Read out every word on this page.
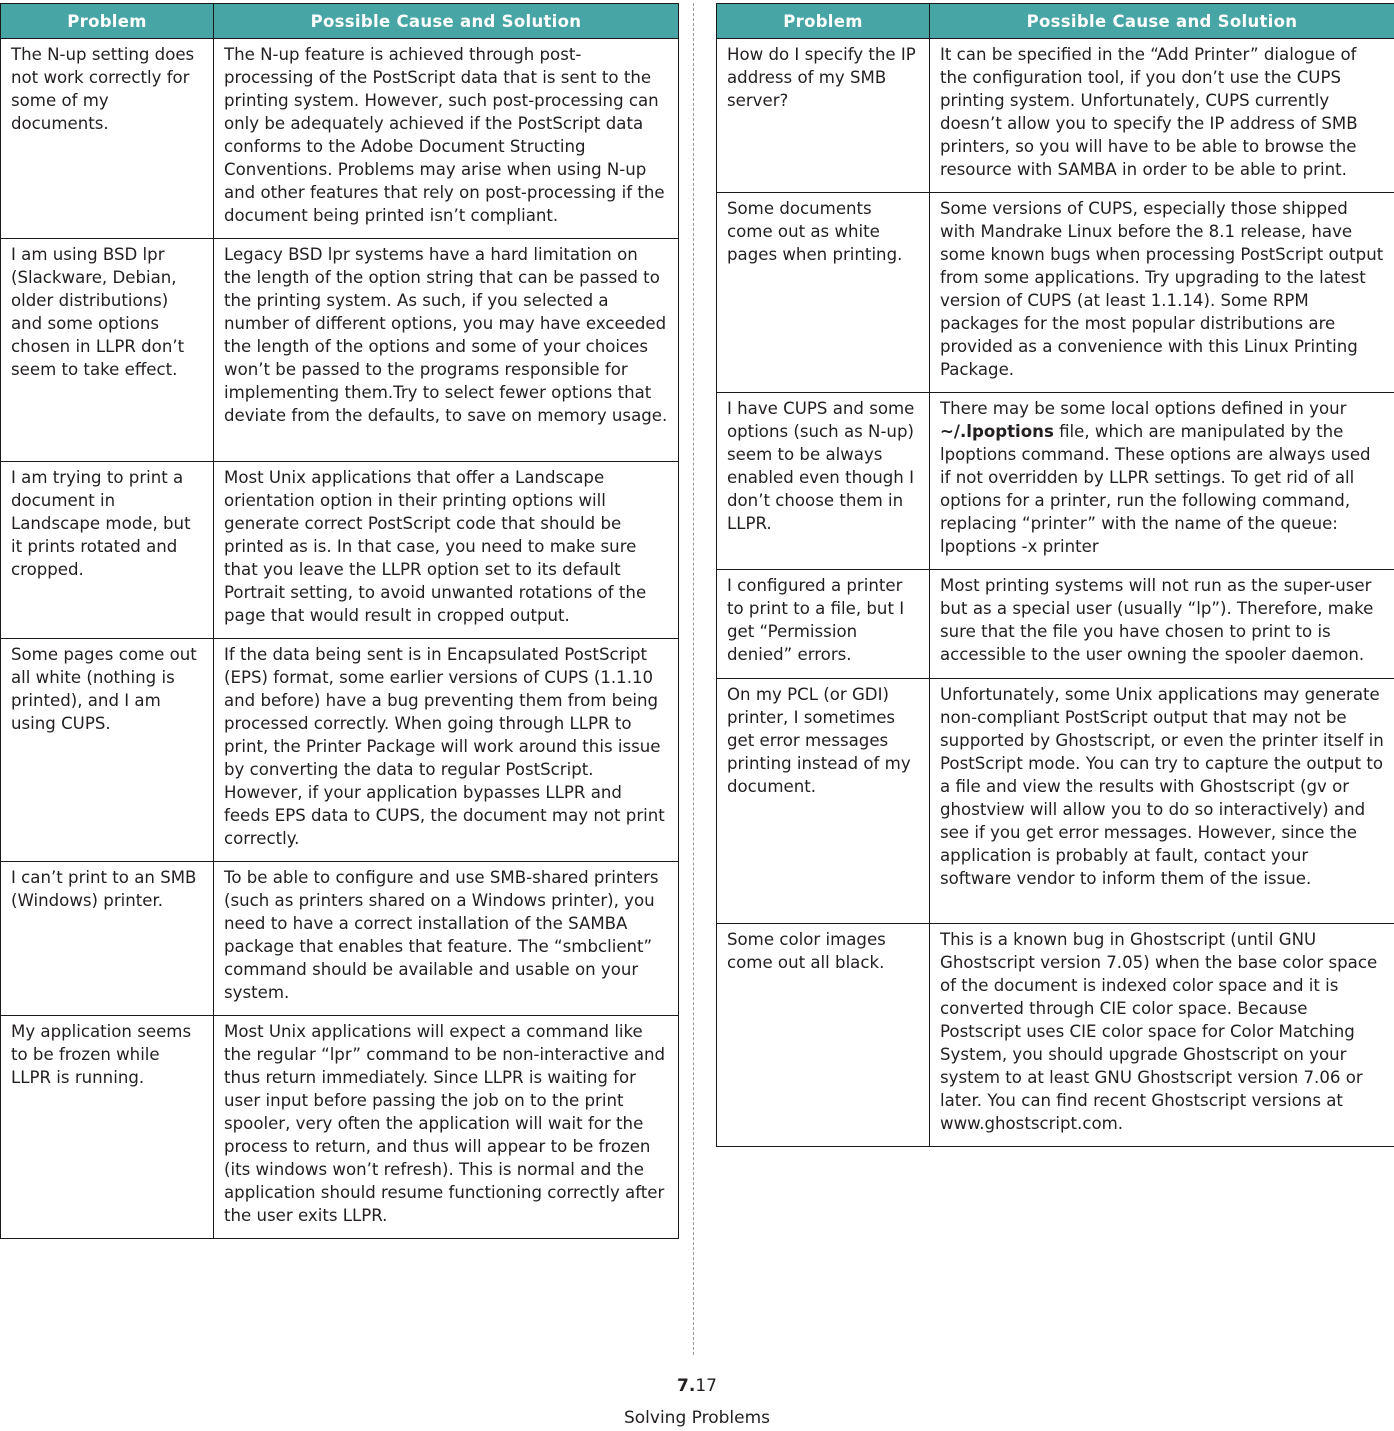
Problem	Possible Cause and Solution
The N-up setting does not work correctly for some of my documents.	The N-up feature is achieved through post-processing of the PostScript data that is sent to the printing system. However, such post-processing can only be adequately achieved if the PostScript data conforms to the Adobe Document Structing Conventions. Problems may arise when using N-up and other features that rely on post-processing if the document being printed isn’t compliant.
I am using BSD lpr (Slackware, Debian, older distributions) and some options chosen in LLPR don’t seem to take effect.	Legacy BSD lpr systems have a hard limitation on the length of the option string that can be passed to the printing system. As such, if you selected a number of different options, you may have exceeded the length of the options and some of your choices won’t be passed to the programs responsible for implementing them.Try to select fewer options that deviate from the defaults, to save on memory usage.
I am trying to print a document in Landscape mode, but it prints rotated and cropped.	Most Unix applications that offer a Landscape orientation option in their printing options will generate correct PostScript code that should be printed as is. In that case, you need to make sure that you leave the LLPR option set to its default Portrait setting, to avoid unwanted rotations of the page that would result in cropped output.
Some pages come out all white (nothing is printed), and I am using CUPS.	If the data being sent is in Encapsulated PostScript (EPS) format, some earlier versions of CUPS (1.1.10 and before) have a bug preventing them from being processed correctly. When going through LLPR to print, the Printer Package will work around this issue by converting the data to regular PostScript. However, if your application bypasses LLPR and feeds EPS data to CUPS, the document may not print correctly.
I can’t print to an SMB (Windows) printer.	To be able to configure and use SMB-shared printers (such as printers shared on a Windows printer), you need to have a correct installation of the SAMBA package that enables that feature. The “smbclient” command should be available and usable on your system.
My application seems to be frozen while LLPR is running.	Most Unix applications will expect a command like the regular “lpr” command to be non-interactive and thus return immediately. Since LLPR is waiting for user input before passing the job on to the print spooler, very often the application will wait for the process to return, and thus will appear to be frozen (its windows won’t refresh). This is normal and the application should resume functioning correctly after the user exits LLPR.
Problem	Possible Cause and Solution
How do I specify the IP address of my SMB server?	It can be specified in the “Add Printer” dialogue of the configuration tool, if you don’t use the CUPS printing system. Unfortunately, CUPS currently doesn’t allow you to specify the IP address of SMB printers, so you will have to be able to browse the resource with SAMBA in order to be able to print.
Some documents come out as white pages when printing.	Some versions of CUPS, especially those shipped with Mandrake Linux before the 8.1 release, have some known bugs when processing PostScript output from some applications. Try upgrading to the latest version of CUPS (at least 1.1.14). Some RPM packages for the most popular distributions are provided as a convenience with this Linux Printing Package.
I have CUPS and some options (such as N-up) seem to be always enabled even though I don’t choose them in LLPR.	There may be some local options defined in your ~/.lpoptions file, which are manipulated by the lpoptions command. These options are always used if not overridden by LLPR settings. To get rid of all options for a printer, run the following command, replacing “printer” with the name of the queue: lpoptions -x printer
I configured a printer to print to a file, but I get “Permission denied” errors.	Most printing systems will not run as the super-user but as a special user (usually “lp”). Therefore, make sure that the file you have chosen to print to is accessible to the user owning the spooler daemon.
On my PCL (or GDI) printer, I sometimes get error messages printing instead of my document.	Unfortunately, some Unix applications may generate non-compliant PostScript output that may not be supported by Ghostscript, or even the printer itself in PostScript mode. You can try to capture the output to a file and view the results with Ghostscript (gv or ghostview will allow you to do so interactively) and see if you get error messages. However, since the application is probably at fault, contact your software vendor to inform them of the issue.
Some color images come out all black.	This is a known bug in Ghostscript (until GNU Ghostscript version 7.05) when the base color space of the document is indexed color space and it is converted through CIE color space. Because Postscript uses CIE color space for Color Matching System, you should upgrade Ghostscript on your system to at least GNU Ghostscript version 7.06 or later. You can find recent Ghostscript versions at www.ghostscript.com.
7.17
Solving Problems
